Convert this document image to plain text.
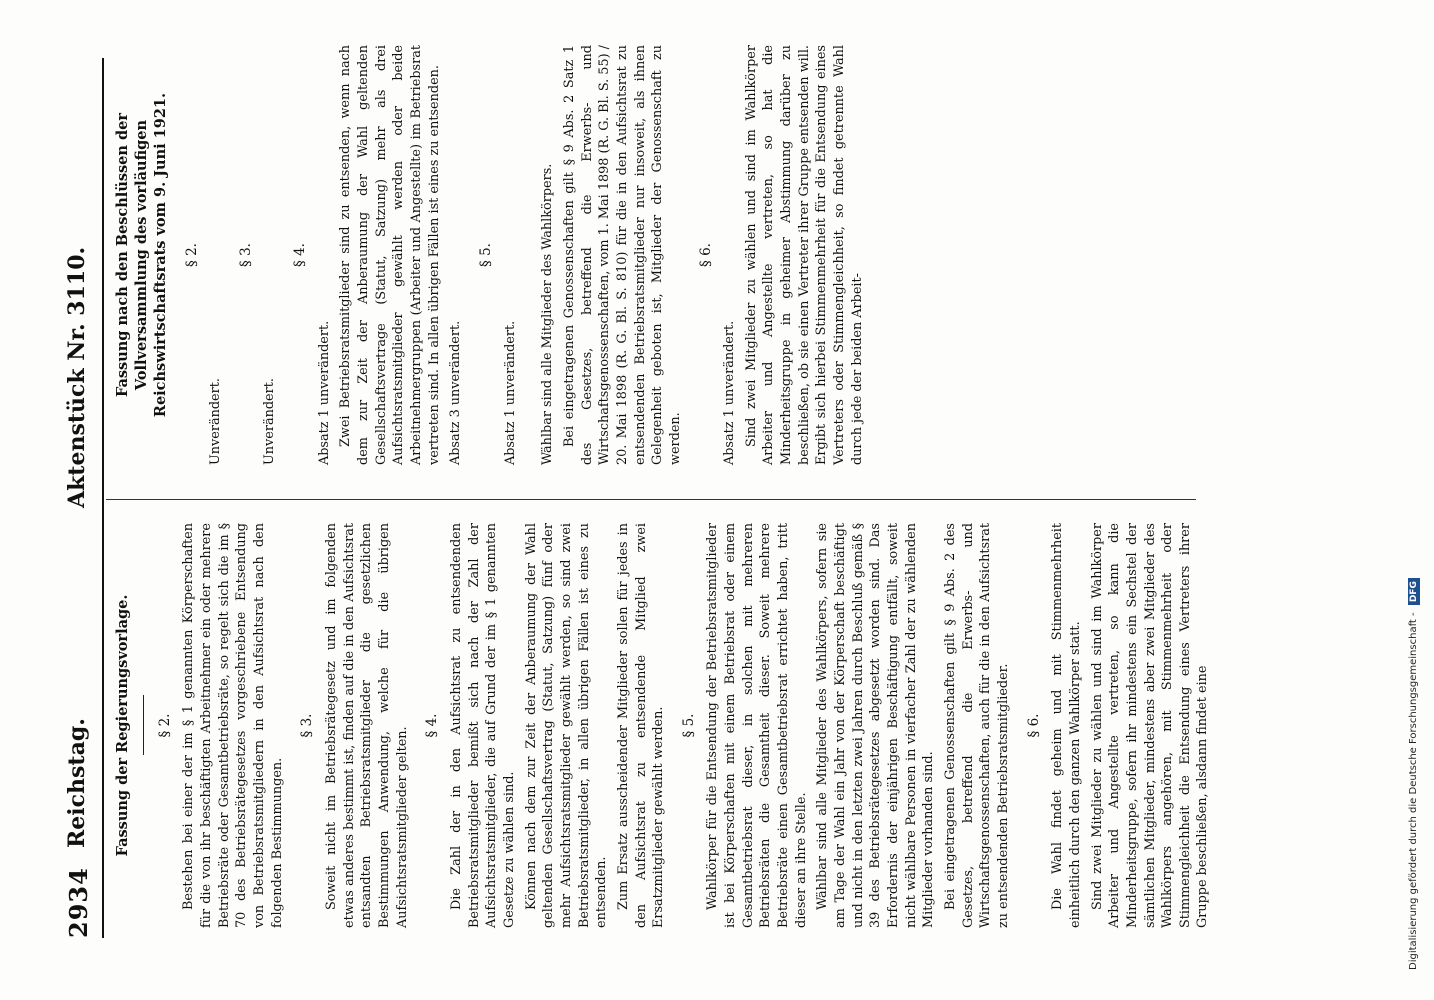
2934
Reichstag.
Aktenstück Nr. 3110.
Fassung der Regierungsvorlage. § 2. Bestehen bei einer der im § 1 genannten Körperschaften für die von ihr beschäftigten Arbeitnehmer ein oder mehrere Betriebsräte oder Gesamtbetriebsräte, so regelt sich die im § 70 des Betriebsrätegesetzes vorgeschriebene Entsendung von Betriebsratsmitgliedern in den Aufsichtsrat nach den folgenden Bestimmungen.

§ 3. Soweit nicht im Betriebsrätegesetz und im folgenden etwas anderes bestimmt ist, finden auf die in den Aufsichtsrat entsandten Betriebsratsmitglieder die gesetzlichen Bestimmungen Anwendung, welche für die übrigen Aufsichtsratsmitglieder gelten.

§ 4. Die Zahl der in den Aufsichtsrat zu entsendenden Betriebsratsmitglieder bemißt sich nach der Zahl der Aufsichtsratsmitglieder, die auf Grund der im § 1 genannten Gesetze zu wählen sind. Können nach dem zur Zeit der Anberaumung der Wahl geltenden Gesellschaftsvertrag (Statut, Satzung) fünf oder mehr Aufsichtsratsmitglieder gewählt werden, so sind zwei Betriebsratsmitglieder, in allen übrigen Fällen ist eines zu entsenden. Zum Ersatz ausscheidender Mitglieder sollen für jedes in den Aufsichtsrat zu entsendende Mitglied zwei Ersatzmitglieder gewählt werden. § 5. Wahlkörper für die Entsendung der Betriebsratsmitglieder ist bei Körperschaften mit einem Betriebsrat oder einem Gesamtbetriebsrat dieser, in solchen mit mehreren Betriebsräten die Gesamtheit dieser. Soweit mehrere Betriebsräte einen Gesamtbetriebsrat errichtet haben, tritt dieser an ihre Stelle. Wählbar sind alle Mitglieder des Wahlkörpers, sofern sie am Tage der Wahl ein Jahr von der Körperschaft beschäftigt und nicht in den letzten zwei Jahren durch Beschluß gemäß § 39 des Betriebsrätegesetzes abgesetzt worden sind. Das Erfordernis der einjährigen Beschäftigung entfällt, soweit nicht wählbare Personen in vierfacher Zahl der zu wählenden Mitglieder vorhanden sind. Bei eingetragenen Genossenschaften gilt § 9 Abs. 2 des Gesetzes, betreffend die Erwerbs- und Wirtschaftsgenossenschaften, auch für die in den Aufsichtsrat zu entsendenden Betriebsratsmitglieder. § 6. Die Wahl findet geheim und mit Stimmenmehrheit einheitlich durch den ganzen Wahlkörper statt. Sind zwei Mitglieder zu wählen und sind im Wahlkörper Arbeiter und Angestellte vertreten, so kann die Minderheitsgruppe, sofern ihr mindestens ein Sechstel der sämtlichen Mitglieder, mindestens aber zwei Mitglieder des Wahlkörpers angehören, mit Stimmenmehrheit oder Stimmengleichheit die Entsendung eines Vertreters ihrer Gruppe beschließen, alsdann findet eine

Fassung nach den Beschlüssen der Vollversammlung des vorläufigen Reichswirtschaftsrats vom 9. Juni 1921. § 2.

Unverändert.

§ 3.

Unverändert.

§ 4.

Absatz 1 unverändert. Zwei Betriebsratsmitglieder sind zu entsenden, wenn nach dem zur Zeit der Anberaumung der Wahl geltenden Gesellschaftsvertrage (Statut, Satzung) mehr als drei Aufsichtsratsmitglieder gewählt werden oder beide Arbeitnehmergruppen (Arbeiter und Angestellte) im Betriebsrat vertreten sind. In allen übrigen Fällen ist eines zu entsenden. Absatz 3 unverändert.

§ 5.

Absatz 1 unverändert. Wählbar sind alle Mitglieder des Wahlkörpers. Bei eingetragenen Genossenschaften gilt § 9 Abs. 2 Satz 1 des Gesetzes, betreffend die Erwerbs- und Wirtschaftsgenossenschaften, vom 1. Mai 1898 (R. G. Bl. S. 55) / 20. Mai 1898 (R. G. Bl. S. 810) für die in den Aufsichtsrat zu entsendenden Betriebsratsmitglieder nur insoweit, als ihnen Gelegenheit geboten ist, Mitglieder der Genossenschaft zu werden.

§ 6.

Absatz 1 unverändert. Sind zwei Mitglieder zu wählen und sind im Wahlkörper Arbeiter und Angestellte vertreten, so hat die Minderheitsgruppe in geheimer Abstimmung darüber zu beschließen, ob sie einen Vertreter ihrer Gruppe entsenden will. Ergibt sich hierbei Stimmenmehrheit für die Entsendung eines Vertreters oder Stimmengleichheit, so findet getrennte Wahl durch jede der beiden Arbeit-

Digitalisierung gefördert durch die Deutsche Forschungsgemeinschaft - DFG
